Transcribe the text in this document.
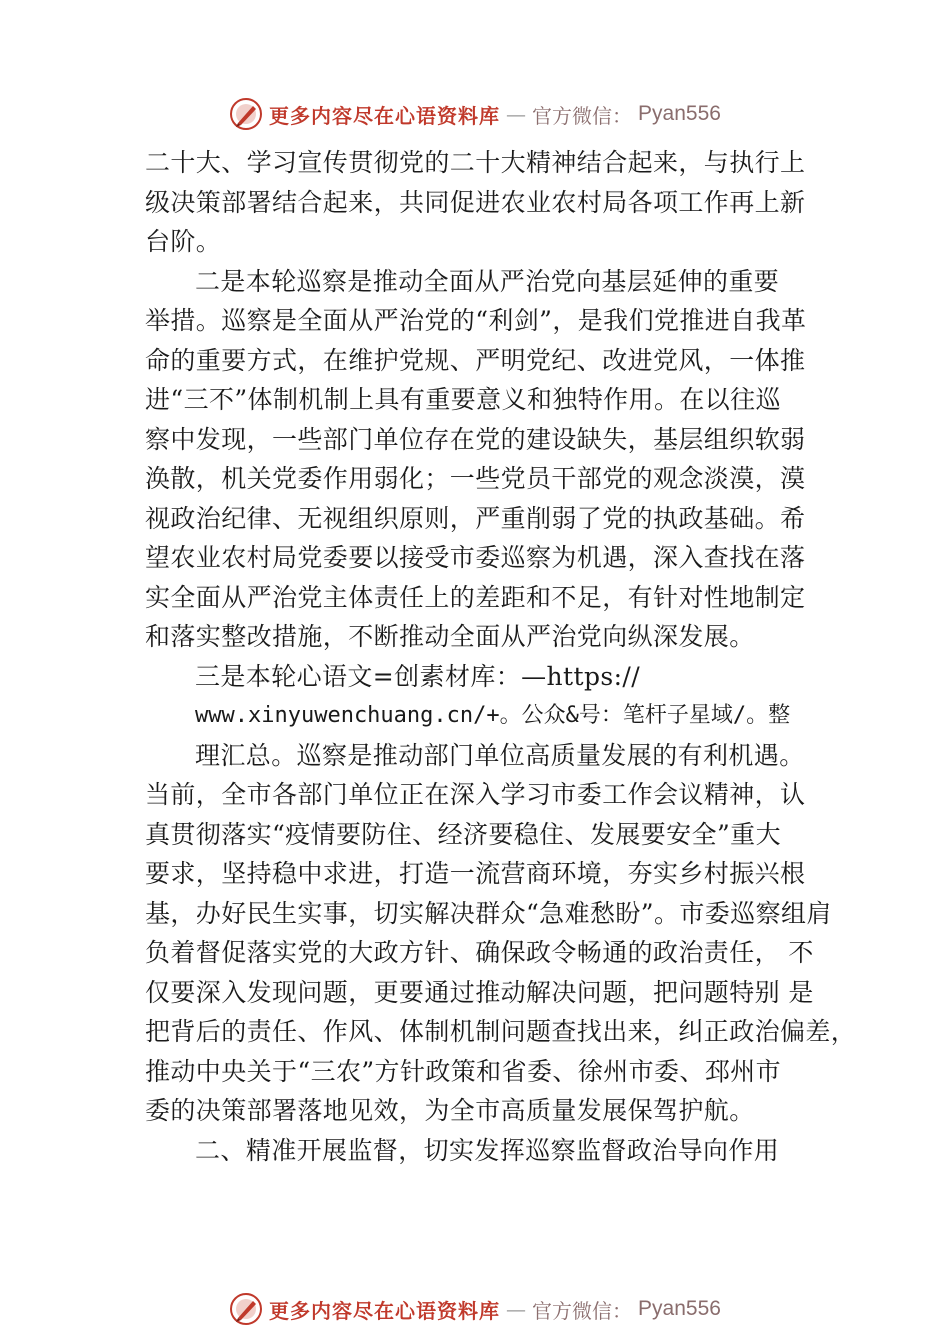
更多内容尽在心语资料库 — 官方微信： Pyan556
二十大、学习宣传贯彻党的二十大精神结合起来，与执行上
级决策部署结合起来，共同促进农业农村局各项工作再上新
台阶。
二是本轮巡察是推动全面从严治党向基层延伸的重要
举措。巡察是全面从严治党的“利剑”，是我们党推进自我革
命的重要方式，在维护党规、严明党纪、改进党风，一体推
进“三不”体制机制上具有重要意义和独特作用。在以往巡
察中发现，一些部门单位存在党的建设缺失，基层组织软弱
涣散，机关党委作用弱化；一些党员干部党的观念淡漠，漠
视政治纪律、无视组织原则，严重削弱了党的执政基础。希
望农业农村局党委要以接受市委巡察为机遇，深入查找在落
实全面从严治党主体责任上的差距和不足，有针对性地制定
和落实整改措施，不断推动全面从严治党向纵深发展。
三是本轮心语文=创素材库：—https://
www.xinyuwenchuang.cn/+。公众&号：笔杆子星域/。整
理汇总。巡察是推动部门单位高质量发展的有利机遇。
当前，全市各部门单位正在深入学习市委工作会议精神，认
真贯彻落实“疫情要防住、经济要稳住、发展要安全”重大
要求，坚持稳中求进，打造一流营商环境，夯实乡村振兴根
基，办好民生实事，切实解决群众“急难愁盼”。市委巡察组肩
负着督促落实党的大政方针、确保政令畅通的政治责任， 不
仅要深入发现问题，更要通过推动解决问题，把问题特别 是
把背后的责任、作风、体制机制问题查找出来，纠正政治偏差，
推动中央关于“三农”方针政策和省委、徐州市委、邳州市
委的决策部署落地见效，为全市高质量发展保驾护航。
二、精准开展监督，切实发挥巡察监督政治导向作用
更多内容尽在心语资料库 — 官方微信： Pyan556
